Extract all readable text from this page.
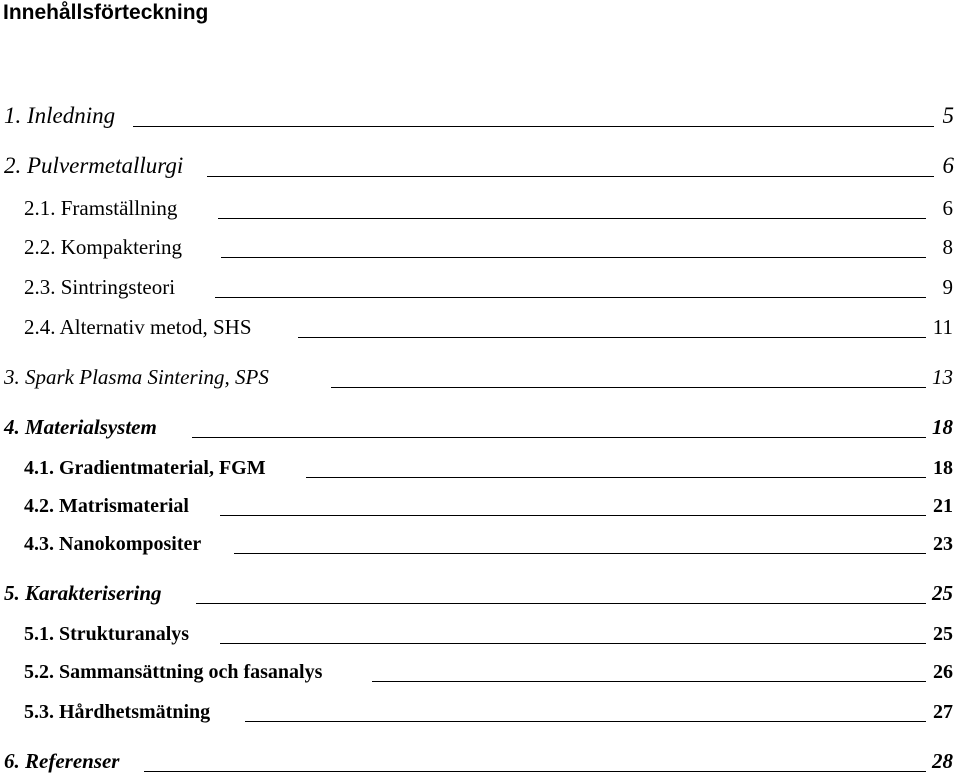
Innehållsförteckning
1. Inledning	5
2. Pulvermetallurgi	6
2.1. Framställning	6
2.2. Kompaktering	8
2.3. Sintringsteori	9
2.4. Alternativ metod, SHS	11
3. Spark Plasma Sintering, SPS	13
4. Materialsystem	18
4.1. Gradientmaterial, FGM	18
4.2. Matrismaterial	21
4.3. Nanokompositer	23
5. Karakterisering	25
5.1. Strukturanalys	25
5.2. Sammansättning och fasanalys	26
5.3. Hårdhetsmätning	27
6. Referenser	28
